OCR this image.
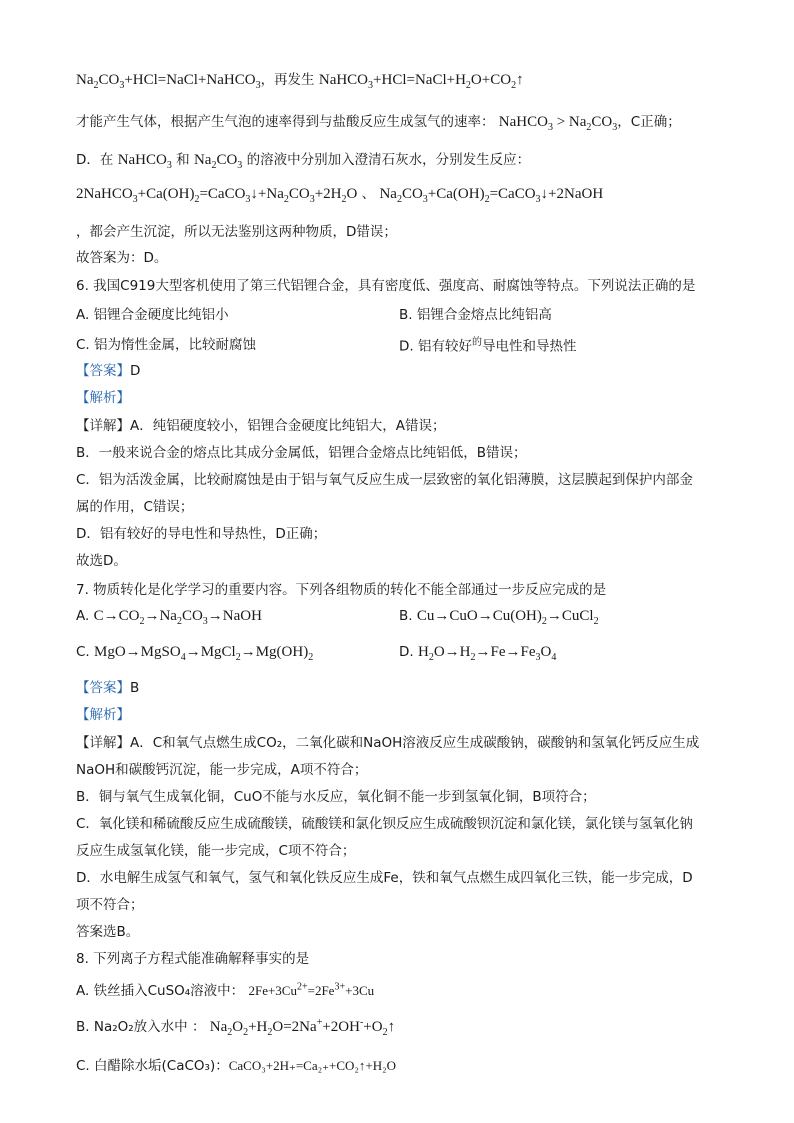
$Na_2CO_3+HCl=NaCl+NaHCO_3$，再发生 $NaHCO_3+HCl=NaCl+H_2O+CO_2↑$
才能产生气体，根据产生气泡的速率得到与盐酸反应生成氢气的速率： NaHCO$_3$ > $Na_2CO_3$，C正确；
D．在 NaHCO$_3$ 和 $Na_2CO_3$ 的溶液中分别加入澄清石灰水，分别发生反应：
$2NaHCO_3+Ca(OH)_2=CaCO_3↓+Na_2CO_3+2H_2O$ 、 $Na_2CO_3+Ca(OH)_2=CaCO_3↓+2NaOH$
，都会产生沉淀，所以无法鉴别这两种物质，D错误；
故答案为：D。
6. 我国C919大型客机使用了第三代铝锂合金，具有密度低、强度高、耐腐蚀等特点。下列说法正确的是
A. 铝锂合金硬度比纯铝小	B. 铝锂合金熔点比纯铝高
C. 铝为惰性金属，比较耐腐蚀	D. 铝有较好$^的$导电性和导热性
【答案】D
【解析】
【详解】A．纯铝硬度较小，铝锂合金硬度比纯铝大，A错误；
B．一般来说合金的熔点比其成分金属低，铝锂合金熔点比纯铝低，B错误；
C．铝为活泼金属，比较耐腐蚀是由于铝与氧气反应生成一层致密的氧化铝薄膜，这层膜起到保护内部金
属的作用，C错误；
D．铝有较好的导电性和导热性，D正确；
故选D。
7. 物质转化是化学学习的重要内容。下列各组物质的转化不能全部通过一步反应完成的是
A. $C\to CO_2\to Na_2CO_3\to NaOH$	B. $Cu\to CuO\to Cu(OH)_2\to CuCl_2$
C. $MgO\to MgSO_4\to MgCl_2\to Mg(OH)_2$	D. $H_2O\to H_2\to Fe\to Fe_3O_4$
【答案】B
【解析】
【详解】A．C和氧气点燃生成CO₂，二氧化碳和NaOH溶液反应生成碳酸钠，碳酸钠和氢氧化钙反应生成
NaOH和碳酸钙沉淀，能一步完成，A项不符合；
B．铜与氧气生成氧化铜，CuO不能与水反应，氧化铜不能一步到氢氧化铜，B项符合；
C．氧化镁和稀硫酸反应生成硫酸镁，硫酸镁和氯化钡反应生成硫酸钡沉淀和氯化镁，氯化镁与氢氧化钠
反应生成氢氧化镁，能一步完成，C项不符合；
D．水电解生成氢气和氧气，氢气和氧化铁反应生成Fe，铁和氧气点燃生成四氧化三铁，能一步完成，D
项不符合；
答案选B。
8. 下列离子方程式能准确解释事实的是
A. 铁丝插入CuSO₄溶液中： $2Fe+3Cu^{2+}=2Fe^{3+}+3Cu$
B. Na₂O₂放入水中 ： $Na_2O_2+H_2O=2Na^++2OH^-+O_2↑$
C. 白醋除水垢(CaCO₃)：CaCO₃+2H₊=Ca₂₊+CO₂↑+H₂O
